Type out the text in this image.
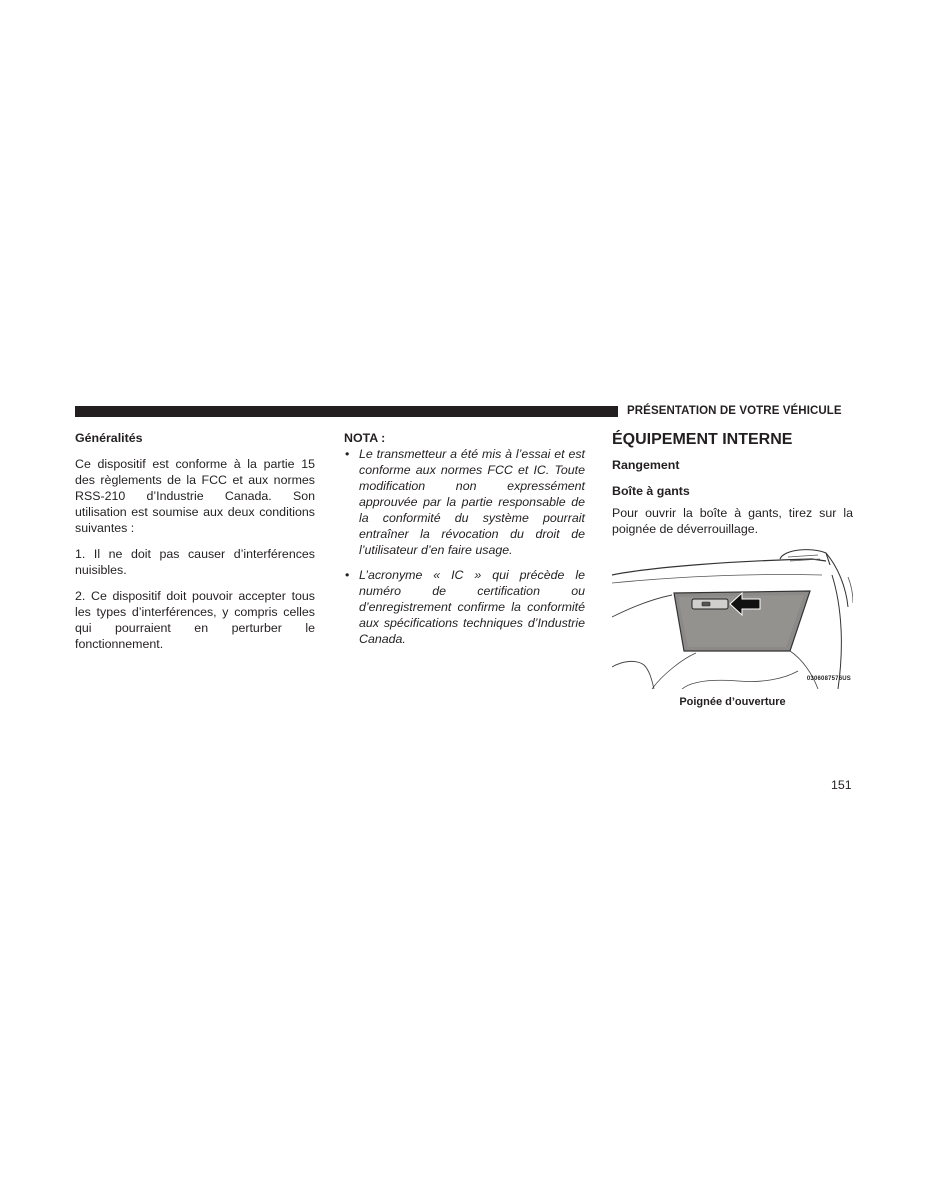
PRÉSENTATION DE VOTRE VÉHICULE
Généralités

Ce dispositif est conforme à la partie 15 des règlements de la FCC et aux normes RSS-210 d’Industrie Canada. Son utilisation est soumise aux deux conditions suivantes :

1. Il ne doit pas causer d’interférences nuisibles.

2. Ce dispositif doit pouvoir accepter tous les types d’interférences, y compris celles qui pourraient en perturber le fonctionnement.

NOTA :
• Le transmetteur a été mis à l’essai et est conforme aux normes FCC et IC. Toute modification non expressément approuvée par la partie responsable de la conformité du système pourrait entraîner la révocation du droit de l’utilisateur d’en faire usage.
• L’acronyme « IC » qui précède le numéro de certification ou d’enregistrement confirme la conformité aux spécifications techniques d’Industrie Canada.
ÉQUIPEMENT INTERNE
Rangement
Boîte à gants

Pour ouvrir la boîte à gants, tirez sur la poignée de déverrouillage.

0306087576US
Poignée d’ouverture
151
